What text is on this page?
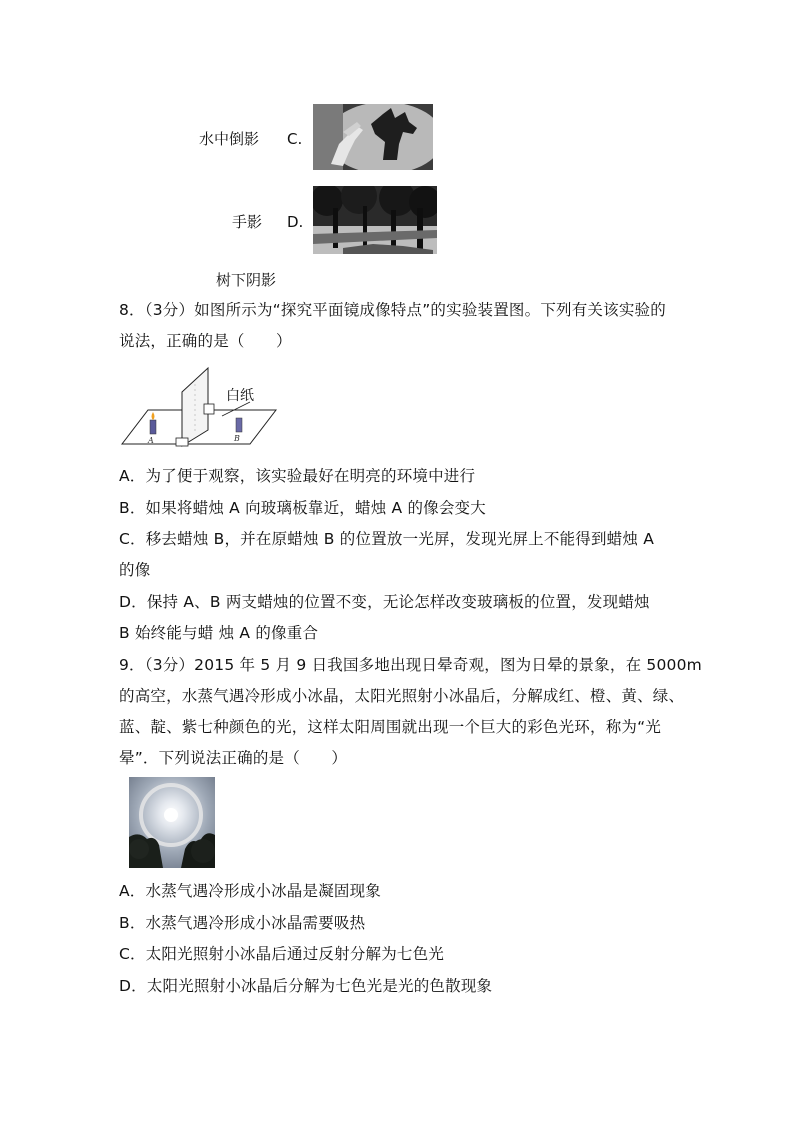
水中倒影 C.
手影 D.
树下阴影
8．（3分）如图所示为“探究平面镜成像特点”的实验装置图。下列有关该实验的
说法，正确的是（　　）
白纸
A	B
A．为了便于观察，该实验最好在明亮的环境中进行
B．如果将蜡烛 A 向玻璃板靠近，蜡烛 A 的像会变大
C．移去蜡烛 B，并在原蜡烛 B 的位置放一光屏，发现光屏上不能得到蜡烛 A
的像
D．保持 A、B 两支蜡烛的位置不变，无论怎样改变玻璃板的位置，发现蜡烛
B 始终能与蜡 烛 A 的像重合
9．（3分）2015 年 5 月 9 日我国多地出现日晕奇观，图为日晕的景象，在 5000m
的高空，水蒸气遇冷形成小冰晶，太阳光照射小冰晶后，分解成红、橙、黄、绿、
蓝、靛、紫七种颜色的光，这样太阳周围就出现一个巨大的彩色光环，称为“光
晕”．下列说法正确的是（　　）
A．水蒸气遇冷形成小冰晶是凝固现象
B．水蒸气遇冷形成小冰晶需要吸热
C．太阳光照射小冰晶后通过反射分解为七色光
D．太阳光照射小冰晶后分解为七色光是光的色散现象
